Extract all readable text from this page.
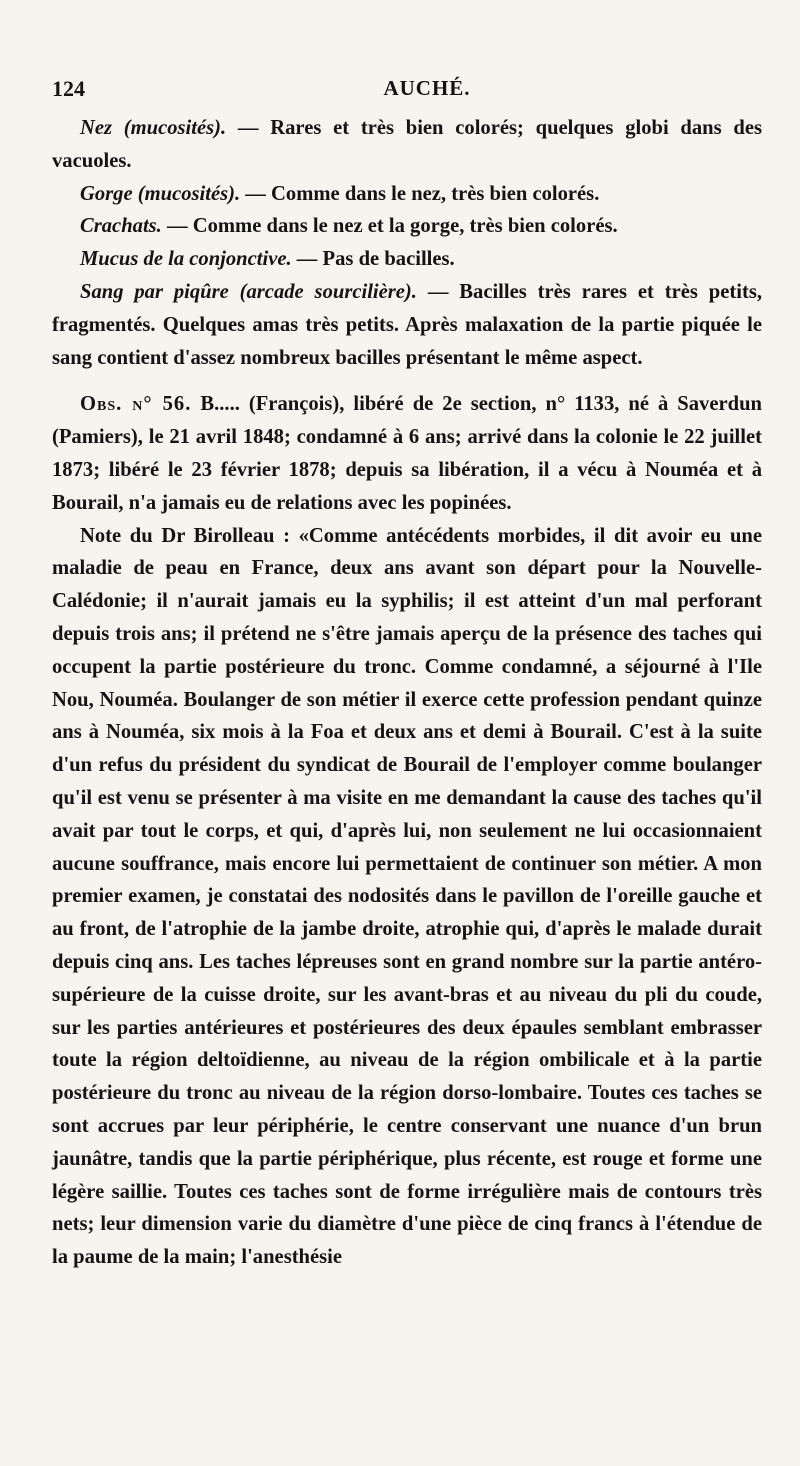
124	AUCHÉ.

Nez (mucosités). — Rares et très bien colorés; quelques globi dans des vacuoles.

Gorge (mucosités). — Comme dans le nez, très bien colorés.

Crachats. — Comme dans le nez et la gorge, très bien colorés.

Mucus de la conjonctive. — Pas de bacilles.

Sang par piqûre (arcade sourcilière). — Bacilles très rares et très petits, fragmentés. Quelques amas très petits. Après malaxation de la partie piquée le sang contient d'assez nombreux bacilles présentant le même aspect.

Obs. n° 56. B..... (François), libéré de 2e section, n° 1133, né à Saverdun (Pamiers), le 21 avril 1848; condamné à 6 ans; arrivé dans la colonie le 22 juillet 1873; libéré le 23 février 1878; depuis sa libération, il a vécu à Nouméa et à Bourail, n'a jamais eu de relations avec les popinées.

Note du Dr Birolleau : «Comme antécédents morbides, il dit avoir eu une maladie de peau en France, deux ans avant son départ pour la Nouvelle-Calédonie; il n'aurait jamais eu la syphilis; il est atteint d'un mal perforant depuis trois ans; il prétend ne s'être jamais aperçu de la présence des taches qui occupent la partie postérieure du tronc. Comme condamné, a séjourné à l'Ile Nou, Nouméa. Boulanger de son métier il exerce cette profession pendant quinze ans à Nouméa, six mois à la Foa et deux ans et demi à Bourail. C'est à la suite d'un refus du président du syndicat de Bourail de l'employer comme boulanger qu'il est venu se présenter à ma visite en me demandant la cause des taches qu'il avait par tout le corps, et qui, d'après lui, non seulement ne lui occasionnaient aucune souffrance, mais encore lui permettaient de continuer son métier. A mon premier examen, je constatai des nodosités dans le pavillon de l'oreille gauche et au front, de l'atrophie de la jambe droite, atrophie qui, d'après le malade durait depuis cinq ans. Les taches lépreuses sont en grand nombre sur la partie antéro-supérieure de la cuisse droite, sur les avant-bras et au niveau du pli du coude, sur les parties antérieures et postérieures des deux épaules semblant embrasser toute la région deltoïdienne, au niveau de la région ombilicale et à la partie postérieure du tronc au niveau de la région dorso-lombaire. Toutes ces taches se sont accrues par leur périphérie, le centre conservant une nuance d'un brun jaunâtre, tandis que la partie périphérique, plus récente, est rouge et forme une légère saillie. Toutes ces taches sont de forme irrégulière mais de contours très nets; leur dimension varie du diamètre d'une pièce de cinq francs à l'étendue de la paume de la main; l'anesthésie
